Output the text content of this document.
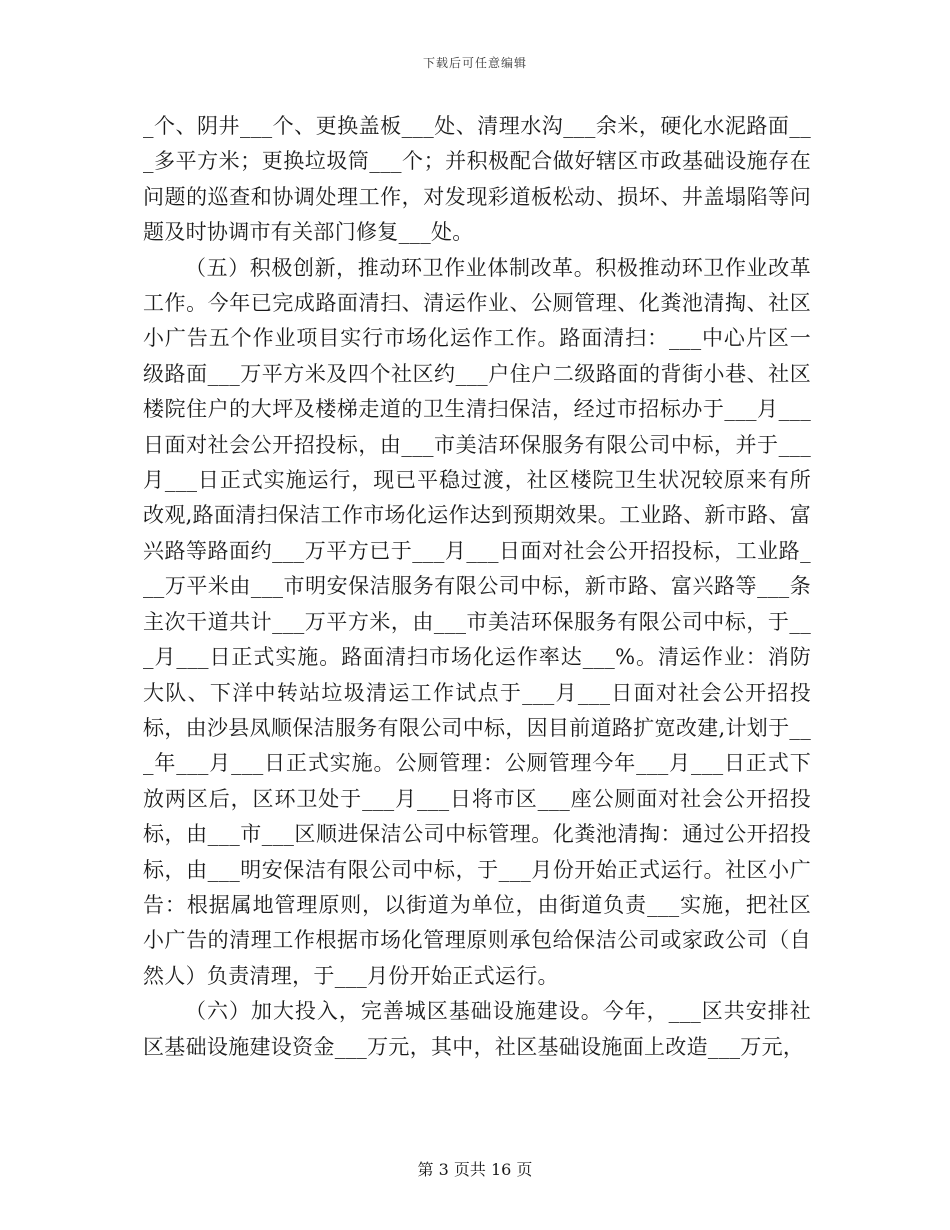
下载后可任意编辑

_个、阴井___个、更换盖板___处、清理水沟___余米，硬化水泥路面___多平方米；更换垃圾筒___个；并积极配合做好辖区市政基础设施存在问题的巡查和协调处理工作，对发现彩道板松动、损坏、井盖塌陷等问题及时协调市有关部门修复___处。

（五）积极创新，推动环卫作业体制改革。积极推动环卫作业改革工作。今年已完成路面清扫、清运作业、公厕管理、化粪池清掏、社区小广告五个作业项目实行市场化运作工作。路面清扫：___中心片区一级路面___万平方米及四个社区约___户住户二级路面的背街小巷、社区楼院住户的大坪及楼梯走道的卫生清扫保洁，经过市招标办于___月___日面对社会公开招投标，由___市美洁环保服务有限公司中标，并于___月___日正式实施运行，现已平稳过渡，社区楼院卫生状况较原来有所改观,路面清扫保洁工作市场化运作达到预期效果。工业路、新市路、富兴路等路面约___万平方已于___月___日面对社会公开招投标，工业路___万平米由___市明安保洁服务有限公司中标，新市路、富兴路等___条主次干道共计___万平方米，由___市美洁环保服务有限公司中标，于___月___日正式实施。路面清扫市场化运作率达___%。清运作业：消防大队、下洋中转站垃圾清运工作试点于___月___日面对社会公开招投标，由沙县凤顺保洁服务有限公司中标，因目前道路扩宽改建,计划于___年___月___日正式实施。公厕管理：公厕管理今年___月___日正式下放两区后，区环卫处于___月___日将市区___座公厕面对社会公开招投标，由___市___区顺进保洁公司中标管理。化粪池清掏：通过公开招投标，由___明安保洁有限公司中标，于___月份开始正式运行。社区小广告：根据属地管理原则，以街道为单位，由街道负责___实施，把社区小广告的清理工作根据市场化管理原则承包给保洁公司或家政公司（自然人）负责清理，于___月份开始正式运行。

（六）加大投入，完善城区基础设施建设。今年，___区共安排社区基础设施建设资金___万元，其中，社区基础设施面上改造___万元，

第 3 页共 16 页
